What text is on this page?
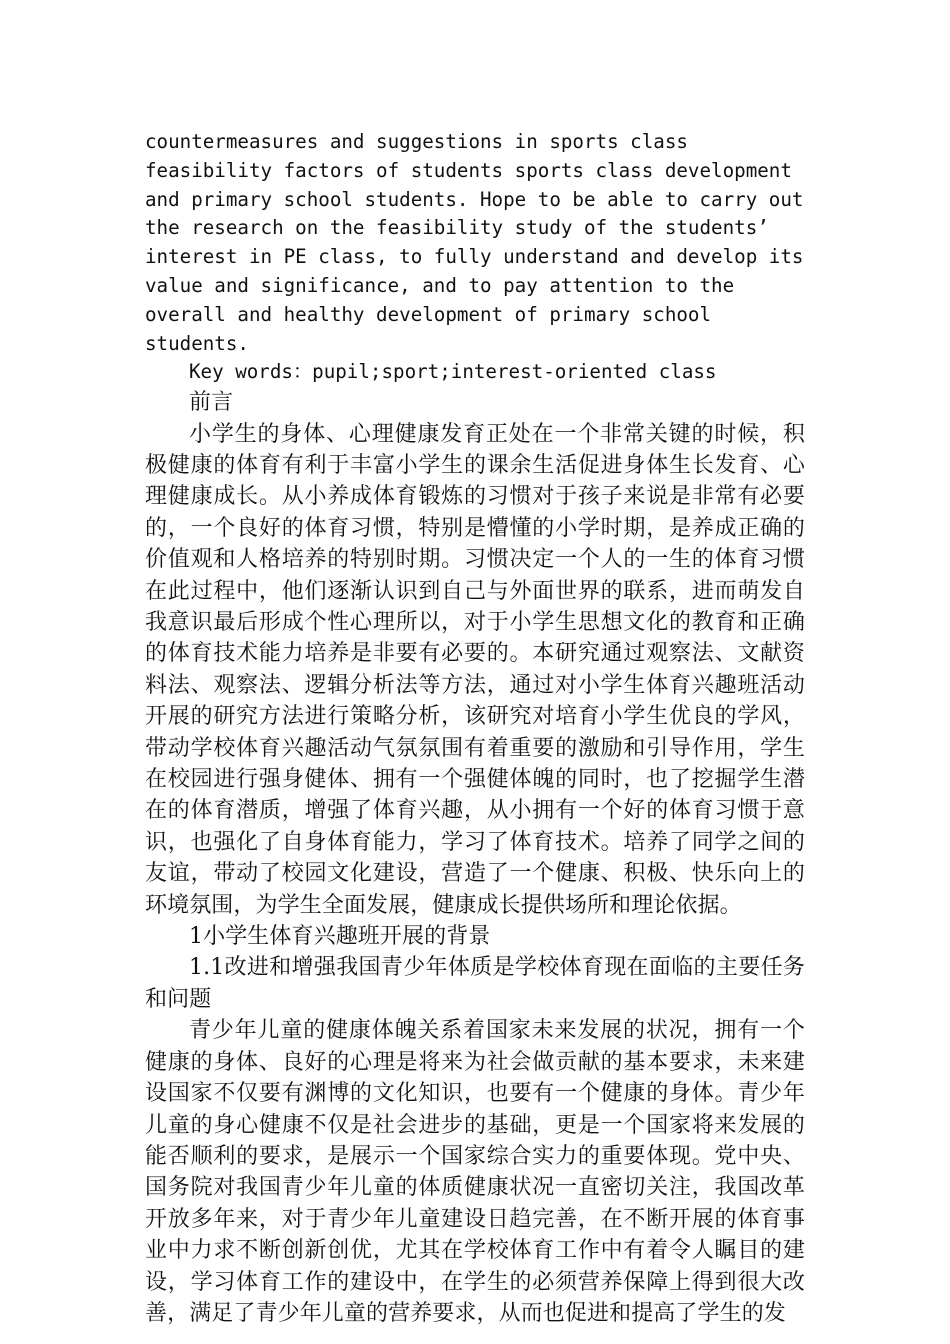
countermeasures and suggestions in sports class feasibility factors of students sports class development and primary school students. Hope to be able to carry out the research on the feasibility study of the students’ interest in PE class, to fully understand and develop its value and significance, and to pay attention to the overall and healthy development of primary school students.

Key words：pupil;sport;interest-oriented class

前言

小学生的身体、心理健康发育正处在一个非常关键的时候，积极健康的体育有利于丰富小学生的课余生活促进身体生长发育、心理健康成长。从小养成体育锻炼的习惯对于孩子来说是非常有必要的，一个良好的体育习惯，特别是懵懂的小学时期，是养成正确的价值观和人格培养的特别时期。习惯决定一个人的一生的体育习惯在此过程中，他们逐渐认识到自己与外面世界的联系，进而萌发自我意识最后形成个性心理所以，对于小学生思想文化的教育和正确的体育技术能力培养是非要有必要的。本研究通过观察法、文献资料法、观察法、逻辑分析法等方法，通过对小学生体育兴趣班活动开展的研究方法进行策略分析，该研究对培育小学生优良的学风，带动学校体育兴趣活动气氛氛围有着重要的激励和引导作用，学生在校园进行强身健体、拥有一个强健体魄的同时，也了挖掘学生潜在的体育潜质，增强了体育兴趣，从小拥有一个好的体育习惯于意识，也强化了自身体育能力，学习了体育技术。培养了同学之间的友谊，带动了校园文化建设，营造了一个健康、积极、快乐向上的环境氛围，为学生全面发展，健康成长提供场所和理论依据。

1小学生体育兴趣班开展的背景

1.1改进和增强我国青少年体质是学校体育现在面临的主要任务和问题

青少年儿童的健康体魄关系着国家未来发展的状况，拥有一个健康的身体、良好的心理是将来为社会做贡献的基本要求，未来建设国家不仅要有渊博的文化知识，也要有一个健康的身体。青少年儿童的身心健康不仅是社会进步的基础，更是一个国家将来发展的能否顺利的要求，是展示一个国家综合实力的重要体现。党中央、国务院对我国青少年儿童的体质健康状况一直密切关注，我国改革开放多年来，对于青少年儿童建设日趋完善，在不断开展的体育事业中力求不断创新创优，尤其在学校体育工作中有着令人瞩目的建设，学习体育工作的建设中，在学生的必须营养保障上得到很大改善，满足了青少年儿童的营养要求，从而也促进和提高了学生的发
